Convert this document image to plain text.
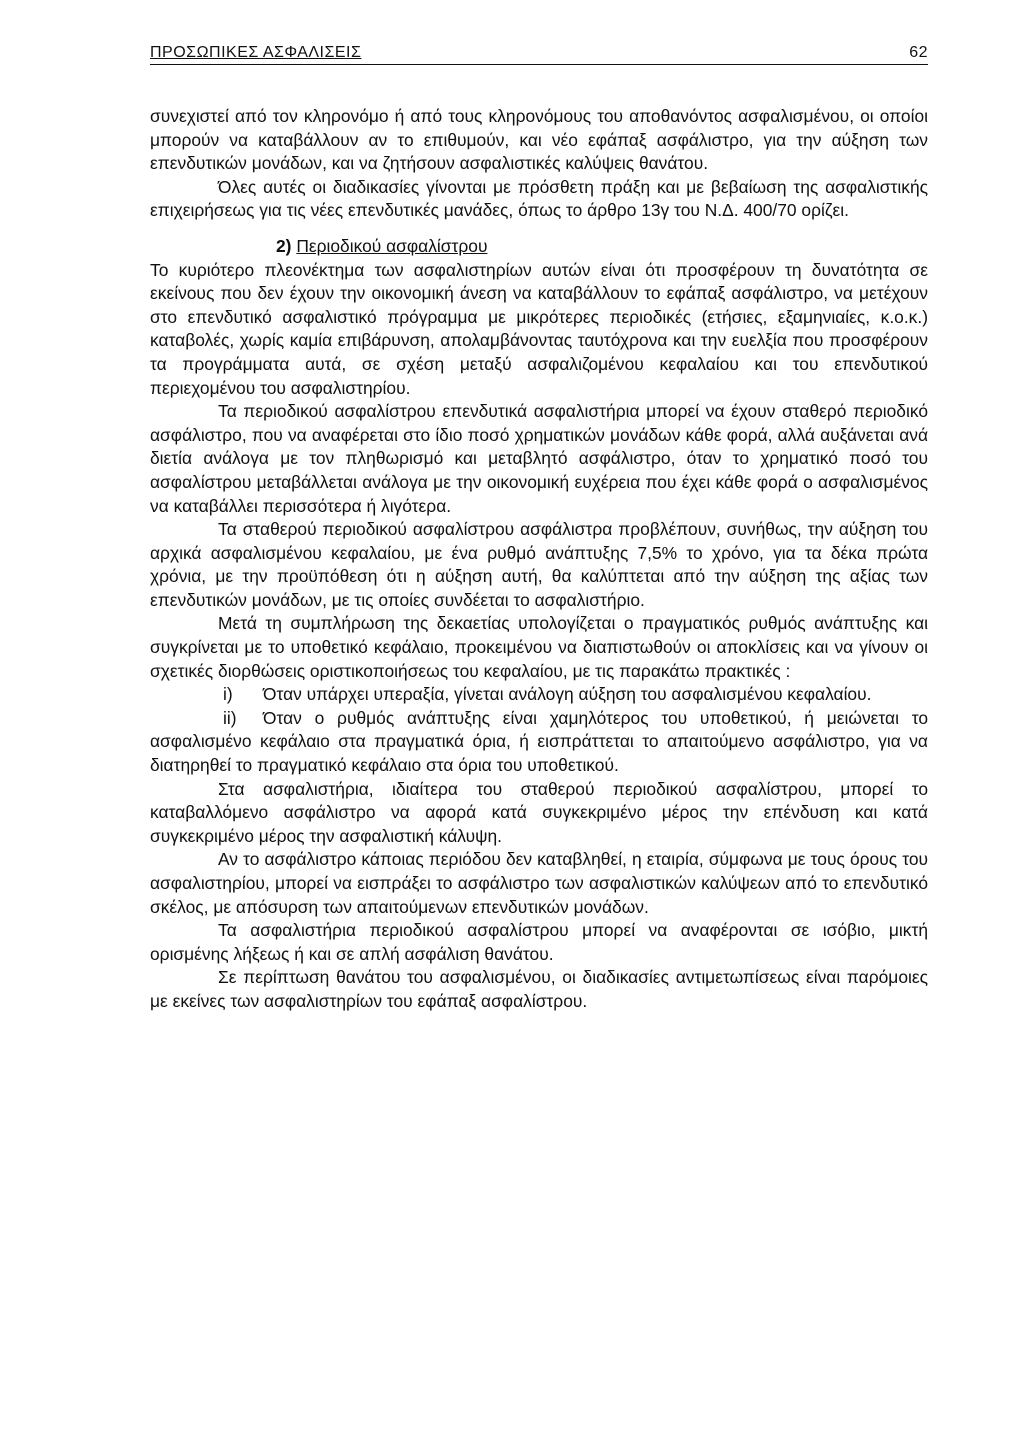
ΠΡΟΣΩΠΙΚΕΣ ΑΣΦΑΛΙΣΕΙΣ	62

συνεχιστεί από τον κληρονόμο ή από τους κληρονόμους του αποθανόντος ασφαλισμένου, οι οποίοι μπορούν να καταβάλλουν αν το επιθυμούν, και νέο εφάπαξ ασφάλιστρο, για την αύξηση των επενδυτικών μονάδων, και να ζητήσουν ασφαλιστικές καλύψεις θανάτου.

Όλες αυτές οι διαδικασίες γίνονται με πρόσθετη πράξη και με βεβαίωση της ασφαλιστικής επιχειρήσεως για τις νέες επενδυτικές μανάδες, όπως το άρθρο 13γ του Ν.Δ. 400/70 ορίζει.

2) Περιοδικού ασφαλίστρου

Το κυριότερο πλεονέκτημα των ασφαλιστηρίων αυτών είναι ότι προσφέρουν τη δυνατότητα σε εκείνους που δεν έχουν την οικονομική άνεση να καταβάλλουν το εφάπαξ ασφάλιστρο, να μετέχουν στο επενδυτικό ασφαλιστικό πρόγραμμα με μικρότερες περιοδικές (ετήσιες, εξαμηνιαίες, κ.ο.κ.) καταβολές, χωρίς καμία επιβάρυνση, απολαμβάνοντας ταυτόχρονα και την ευελξία που προσφέρουν τα προγράμματα αυτά, σε σχέση μεταξύ ασφαλιζομένου κεφαλαίου και του επενδυτικού περιεχομένου του ασφαλιστηρίου.

Τα περιοδικού ασφαλίστρου επενδυτικά ασφαλιστήρια μπορεί να έχουν σταθερό περιοδικό ασφάλιστρο, που να αναφέρεται στο ίδιο ποσό χρηματικών μονάδων κάθε φορά, αλλά αυξάνεται ανά διετία ανάλογα με τον πληθωρισμό και μεταβλητό ασφάλιστρο, όταν το χρηματικό ποσό του ασφαλίστρου μεταβάλλεται ανάλογα με την οικονομική ευχέρεια που έχει κάθε φορά ο ασφαλισμένος να καταβάλλει περισσότερα ή λιγότερα.

Τα σταθερού περιοδικού ασφαλίστρου ασφάλιστρα προβλέπουν, συνήθως, την αύξηση του αρχικά ασφαλισμένου κεφαλαίου, με ένα ρυθμό ανάπτυξης 7,5% το χρόνο, για τα δέκα πρώτα χρόνια, με την προϋπόθεση ότι η αύξηση αυτή, θα καλύπτεται από την αύξηση της αξίας των επενδυτικών μονάδων, με τις οποίες συνδέεται το ασφαλιστήριο.

Μετά τη συμπλήρωση της δεκαετίας υπολογίζεται ο πραγματικός ρυθμός ανάπτυξης και συγκρίνεται με το υποθετικό κεφάλαιο, προκειμένου να διαπιστωθούν οι αποκλίσεις και να γίνουν οι σχετικές διορθώσεις οριστικοποιήσεως του κεφαλαίου, με τις παρακάτω πρακτικές :

i) Όταν υπάρχει υπεραξία, γίνεται ανάλογη αύξηση του ασφαλισμένου κεφαλαίου.

ii) Όταν ο ρυθμός ανάπτυξης είναι χαμηλότερος του υποθετικού, ή μειώνεται το ασφαλισμένο κεφάλαιο στα πραγματικά όρια, ή εισπράττεται το απαιτούμενο ασφάλιστρο, για να διατηρηθεί το πραγματικό κεφάλαιο στα όρια του υποθετικού.

Στα ασφαλιστήρια, ιδιαίτερα του σταθερού περιοδικού ασφαλίστρου, μπορεί το καταβαλλόμενο ασφάλιστρο να αφορά κατά συγκεκριμένο μέρος την επένδυση και κατά συγκεκριμένο μέρος την ασφαλιστική κάλυψη.

Αν το ασφάλιστρο κάποιας περιόδου δεν καταβληθεί, η εταιρία, σύμφωνα με τους όρους του ασφαλιστηρίου, μπορεί να εισπράξει το ασφάλιστρο των ασφαλιστικών καλύψεων από το επενδυτικό σκέλος, με απόσυρση των απαιτούμενων επενδυτικών μονάδων.

Τα ασφαλιστήρια περιοδικού ασφαλίστρου μπορεί να αναφέρονται σε ισόβιο, μικτή ορισμένης λήξεως ή και σε απλή ασφάλιση θανάτου.

Σε περίπτωση θανάτου του ασφαλισμένου, οι διαδικασίες αντιμετωπίσεως είναι παρόμοιες με εκείνες των ασφαλιστηρίων του εφάπαξ ασφαλίστρου.
